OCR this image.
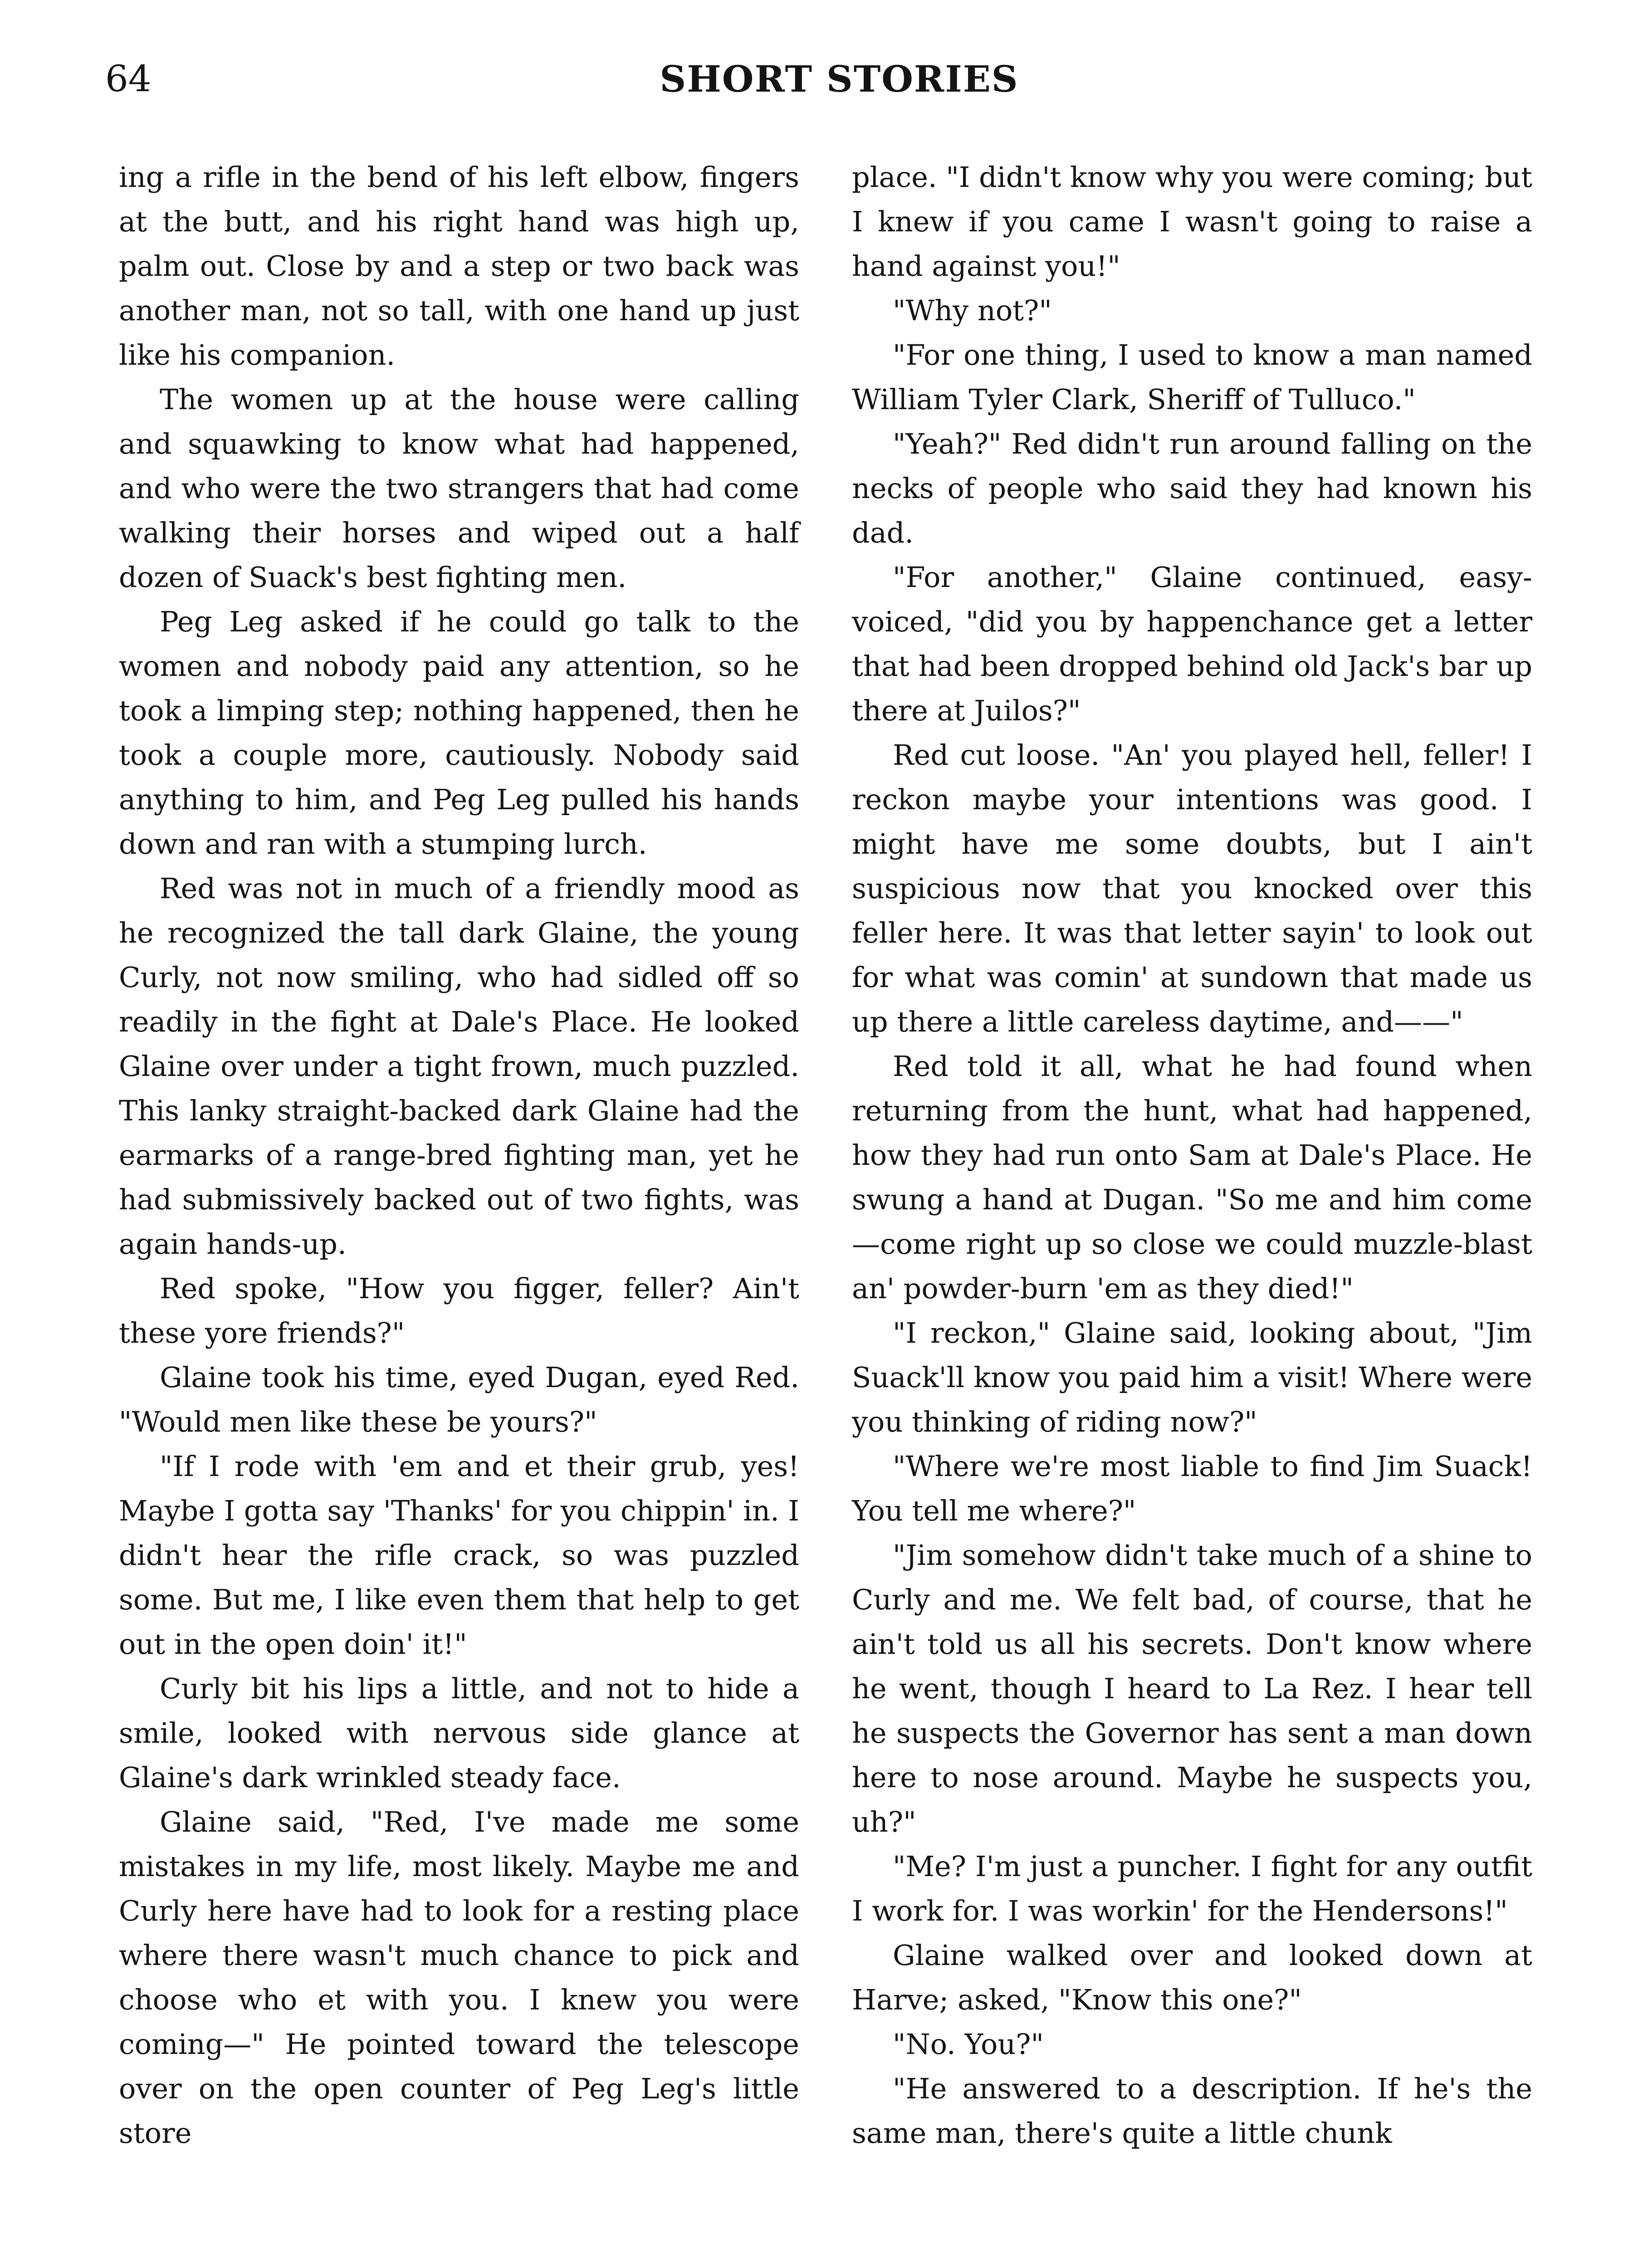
64	SHORT STORIES

ing a rifle in the bend of his left elbow, fingers at the butt, and his right hand was high up, palm out. Close by and a step or two back was another man, not so tall, with one hand up just like his companion.

The women up at the house were calling and squawking to know what had happened, and who were the two strangers that had come walking their horses and wiped out a half dozen of Suack's best fighting men.

Peg Leg asked if he could go talk to the women and nobody paid any attention, so he took a limping step; nothing happened, then he took a couple more, cautiously. Nobody said anything to him, and Peg Leg pulled his hands down and ran with a stumping lurch.

Red was not in much of a friendly mood as he recognized the tall dark Glaine, the young Curly, not now smiling, who had sidled off so readily in the fight at Dale's Place. He looked Glaine over under a tight frown, much puzzled. This lanky straight-backed dark Glaine had the earmarks of a range-bred fighting man, yet he had submissively backed out of two fights, was again hands-up.

Red spoke, "How you figger, feller? Ain't these yore friends?"

Glaine took his time, eyed Dugan, eyed Red. "Would men like these be yours?"

"If I rode with 'em and et their grub, yes! Maybe I gotta say 'Thanks' for you chippin' in. I didn't hear the rifle crack, so was puzzled some. But me, I like even them that help to get out in the open doin' it!"

Curly bit his lips a little, and not to hide a smile, looked with nervous side glance at Glaine's dark wrinkled steady face.

Glaine said, "Red, I've made me some mistakes in my life, most likely. Maybe me and Curly here have had to look for a resting place where there wasn't much chance to pick and choose who et with you. I knew you were coming—" He pointed toward the telescope over on the open counter of Peg Leg's little store

place. "I didn't know why you were coming; but I knew if you came I wasn't going to raise a hand against you!"

"Why not?"

"For one thing, I used to know a man named William Tyler Clark, Sheriff of Tulluco."

"Yeah?" Red didn't run around falling on the necks of people who said they had known his dad.

"For another," Glaine continued, easy-voiced, "did you by happenchance get a letter that had been dropped behind old Jack's bar up there at Juilos?"

Red cut loose. "An' you played hell, feller! I reckon maybe your intentions was good. I might have me some doubts, but I ain't suspicious now that you knocked over this feller here. It was that letter sayin' to look out for what was comin' at sundown that made us up there a little careless daytime, and——"

Red told it all, what he had found when returning from the hunt, what had happened, how they had run onto Sam at Dale's Place. He swung a hand at Dugan. "So me and him come—come right up so close we could muzzle-blast an' powder-burn 'em as they died!"

"I reckon," Glaine said, looking about, "Jim Suack'll know you paid him a visit! Where were you thinking of riding now?"

"Where we're most liable to find Jim Suack! You tell me where?"

"Jim somehow didn't take much of a shine to Curly and me. We felt bad, of course, that he ain't told us all his secrets. Don't know where he went, though I heard to La Rez. I hear tell he suspects the Governor has sent a man down here to nose around. Maybe he suspects you, uh?"

"Me? I'm just a puncher. I fight for any outfit I work for. I was workin' for the Hendersons!"

Glaine walked over and looked down at Harve; asked, "Know this one?"

"No. You?"

"He answered to a description. If he's the same man, there's quite a little chunk
